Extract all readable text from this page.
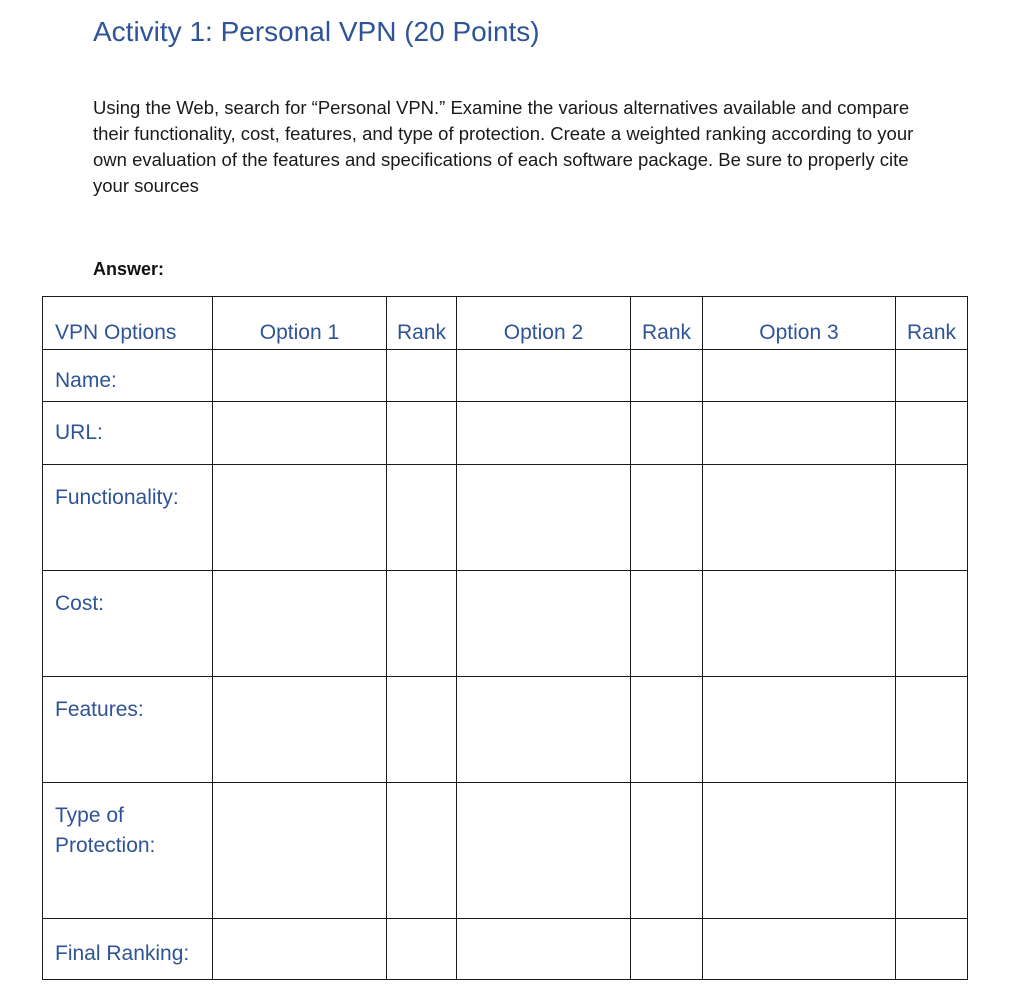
Activity 1: Personal VPN (20 Points)

Using the Web, search for “Personal VPN.” Examine the various alternatives available and compare their functionality, cost, features, and type of protection. Create a weighted ranking according to your own evaluation of the features and specifications of each software package. Be sure to properly cite your sources

Answer:
VPN Options	Option 1	Rank	Option 2	Rank	Option 3	Rank
Name:						
URL:						
Functionality:						
Cost:						
Features:						
Type of Protection:						
Final Ranking:						
